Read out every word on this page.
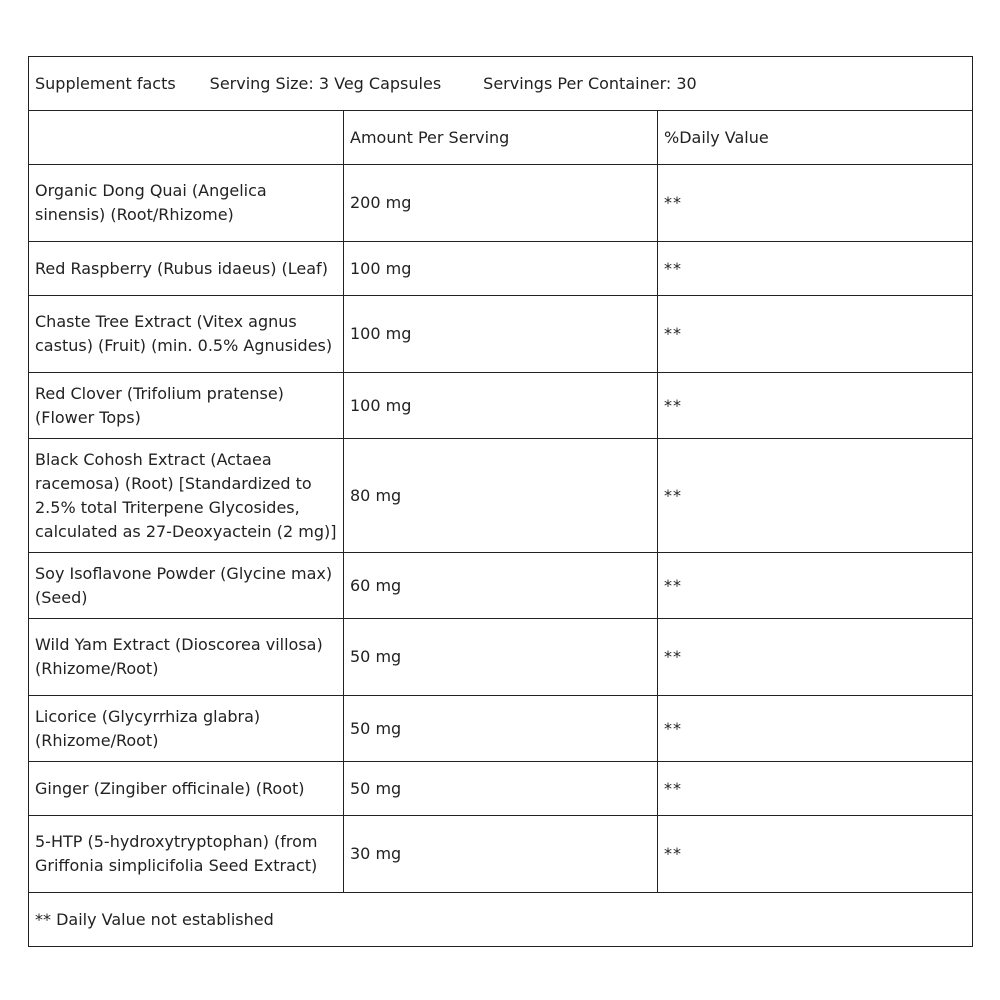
Supplement facts Serving Size: 3 Veg Capsules Servings Per Container: 30		
	Amount Per Serving	%Daily Value
Organic Dong Quai (Angelica sinensis) (Root/Rhizome)	200 mg	**
Red Raspberry (Rubus idaeus) (Leaf)	100 mg	**
Chaste Tree Extract (Vitex agnus castus) (Fruit) (min. 0.5% Agnusides)	100 mg	**
Red Clover (Trifolium pratense) (Flower Tops)	100 mg	**
Black Cohosh Extract (Actaea racemosa) (Root) [Standardized to 2.5% total Triterpene Glycosides, calculated as 27-Deoxyactein (2 mg)]	80 mg	**
Soy Isoflavone Powder (Glycine max) (Seed)	60 mg	**
Wild Yam Extract (Dioscorea villosa) (Rhizome/Root)	50 mg	**
Licorice (Glycyrrhiza glabra) (Rhizome/Root)	50 mg	**
Ginger (Zingiber officinale) (Root)	50 mg	**
5-HTP (5-hydroxytryptophan) (from Griffonia simplicifolia Seed Extract)	30 mg	**
** Daily Value not established		
